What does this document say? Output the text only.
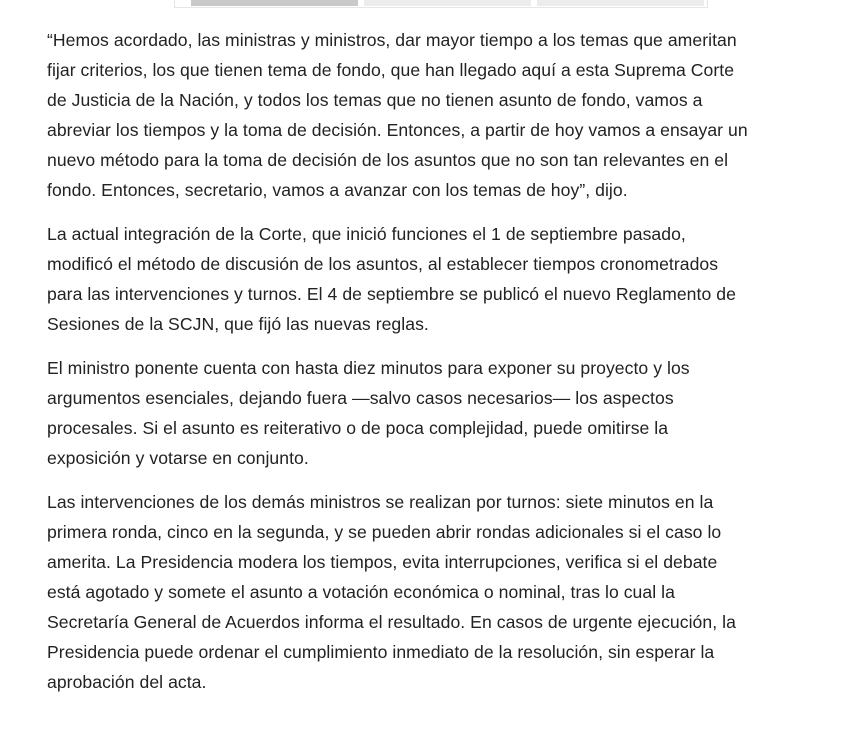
“Hemos acordado, las ministras y ministros, dar mayor tiempo a los temas que ameritan
fijar criterios, los que tienen tema de fondo, que han llegado aquí a esta Suprema Corte
de Justicia de la Nación, y todos los temas que no tienen asunto de fondo, vamos a
abreviar los tiempos y la toma de decisión. Entonces, a partir de hoy vamos a ensayar un
nuevo método para la toma de decisión de los asuntos que no son tan relevantes en el
fondo. Entonces, secretario, vamos a avanzar con los temas de hoy”, dijo.

La actual integración de la Corte, que inició funciones el 1 de septiembre pasado,
modificó el método de discusión de los asuntos, al establecer tiempos cronometrados
para las intervenciones y turnos. El 4 de septiembre se publicó el nuevo Reglamento de
Sesiones de la SCJN, que fijó las nuevas reglas.

El ministro ponente cuenta con hasta diez minutos para exponer su proyecto y los
argumentos esenciales, dejando fuera —salvo casos necesarios— los aspectos
procesales. Si el asunto es reiterativo o de poca complejidad, puede omitirse la
exposición y votarse en conjunto.

Las intervenciones de los demás ministros se realizan por turnos: siete minutos en la
primera ronda, cinco en la segunda, y se pueden abrir rondas adicionales si el caso lo
amerita. La Presidencia modera los tiempos, evita interrupciones, verifica si el debate
está agotado y somete el asunto a votación económica o nominal, tras lo cual la
Secretaría General de Acuerdos informa el resultado. En casos de urgente ejecución, la
Presidencia puede ordenar el cumplimiento inmediato de la resolución, sin esperar la
aprobación del acta.
